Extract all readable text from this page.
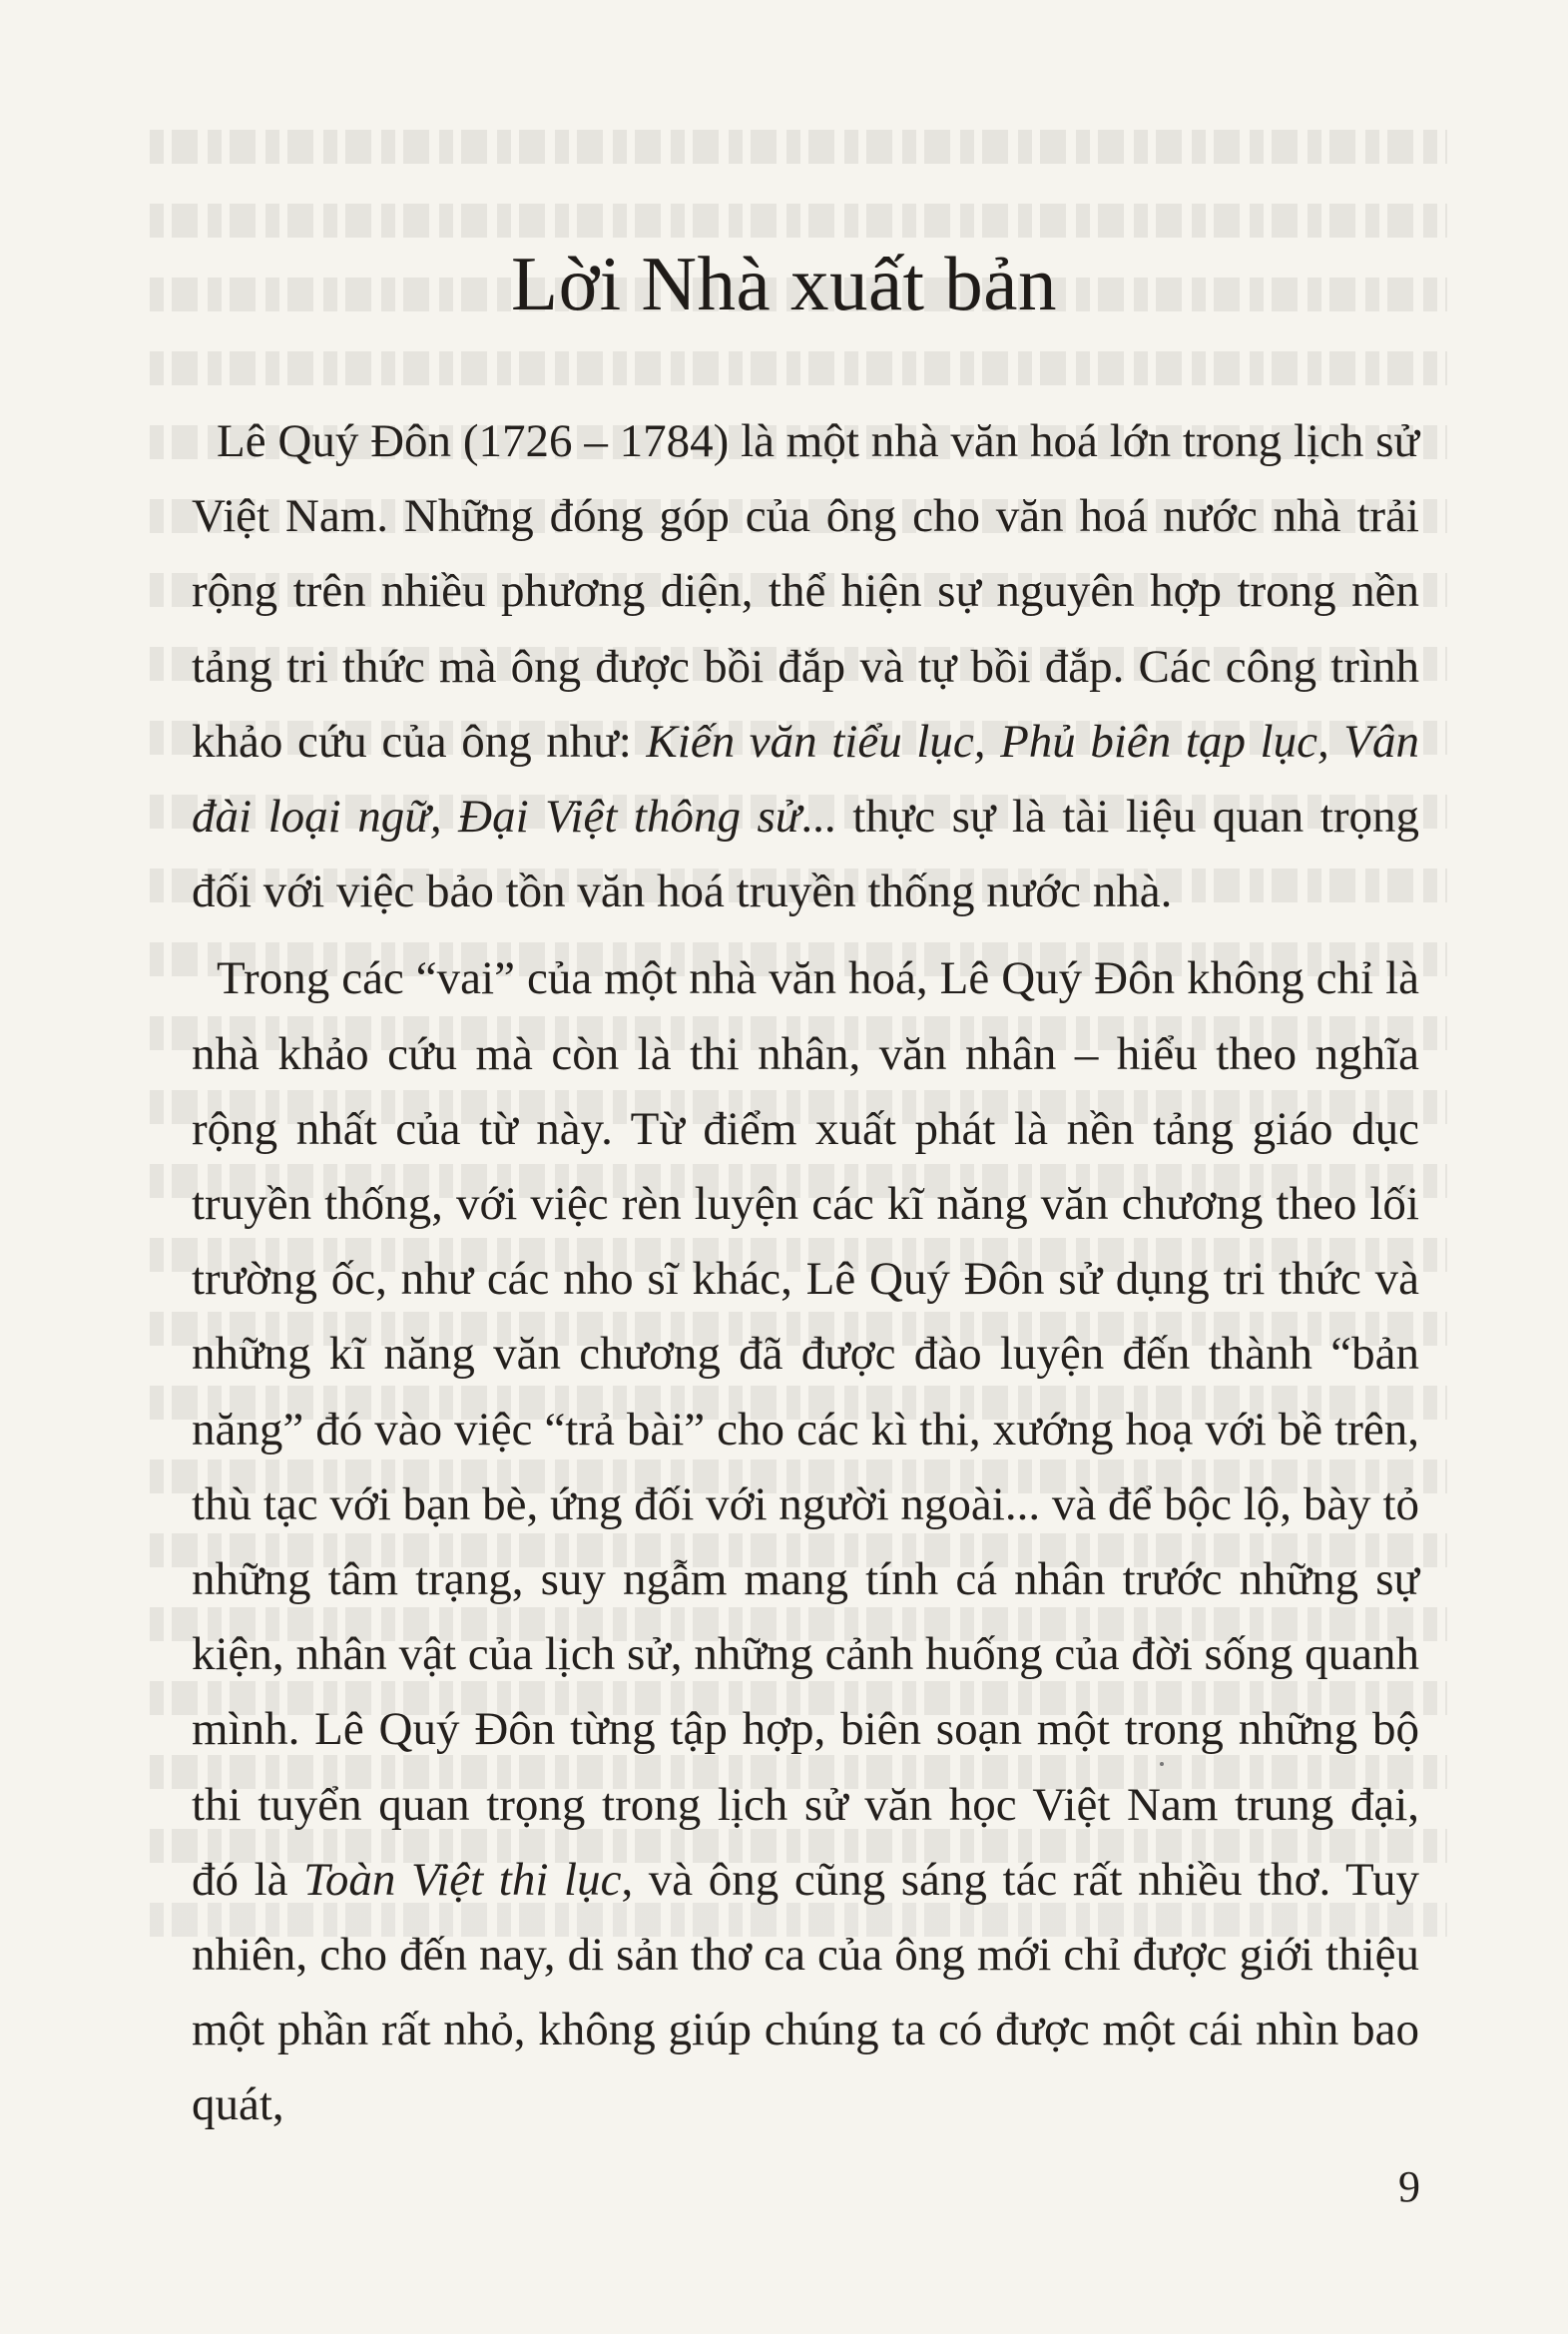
Lời Nhà xuất bản

Lê Quý Đôn (1726 – 1784) là một nhà văn hoá lớn trong lịch sử Việt Nam. Những đóng góp của ông cho văn hoá nước nhà trải rộng trên nhiều phương diện, thể hiện sự nguyên hợp trong nền tảng tri thức mà ông được bồi đắp và tự bồi đắp. Các công trình khảo cứu của ông như: Kiến văn tiểu lục, Phủ biên tạp lục, Vân đài loại ngữ, Đại Việt thông sử... thực sự là tài liệu quan trọng đối với việc bảo tồn văn hoá truyền thống nước nhà.

Trong các “vai” của một nhà văn hoá, Lê Quý Đôn không chỉ là nhà khảo cứu mà còn là thi nhân, văn nhân – hiểu theo nghĩa rộng nhất của từ này. Từ điểm xuất phát là nền tảng giáo dục truyền thống, với việc rèn luyện các kĩ năng văn chương theo lối trường ốc, như các nho sĩ khác, Lê Quý Đôn sử dụng tri thức và những kĩ năng văn chương đã được đào luyện đến thành “bản năng” đó vào việc “trả bài” cho các kì thi, xướng hoạ với bề trên, thù tạc với bạn bè, ứng đối với người ngoài... và để bộc lộ, bày tỏ những tâm trạng, suy ngẫm mang tính cá nhân trước những sự kiện, nhân vật của lịch sử, những cảnh huống của đời sống quanh mình. Lê Quý Đôn từng tập hợp, biên soạn một trong những bộ thi tuyển quan trọng trong lịch sử văn học Việt Nam trung đại, đó là Toàn Việt thi lục, và ông cũng sáng tác rất nhiều thơ. Tuy nhiên, cho đến nay, di sản thơ ca của ông mới chỉ được giới thiệu một phần rất nhỏ, không giúp chúng ta có được một cái nhìn bao quát,

9
